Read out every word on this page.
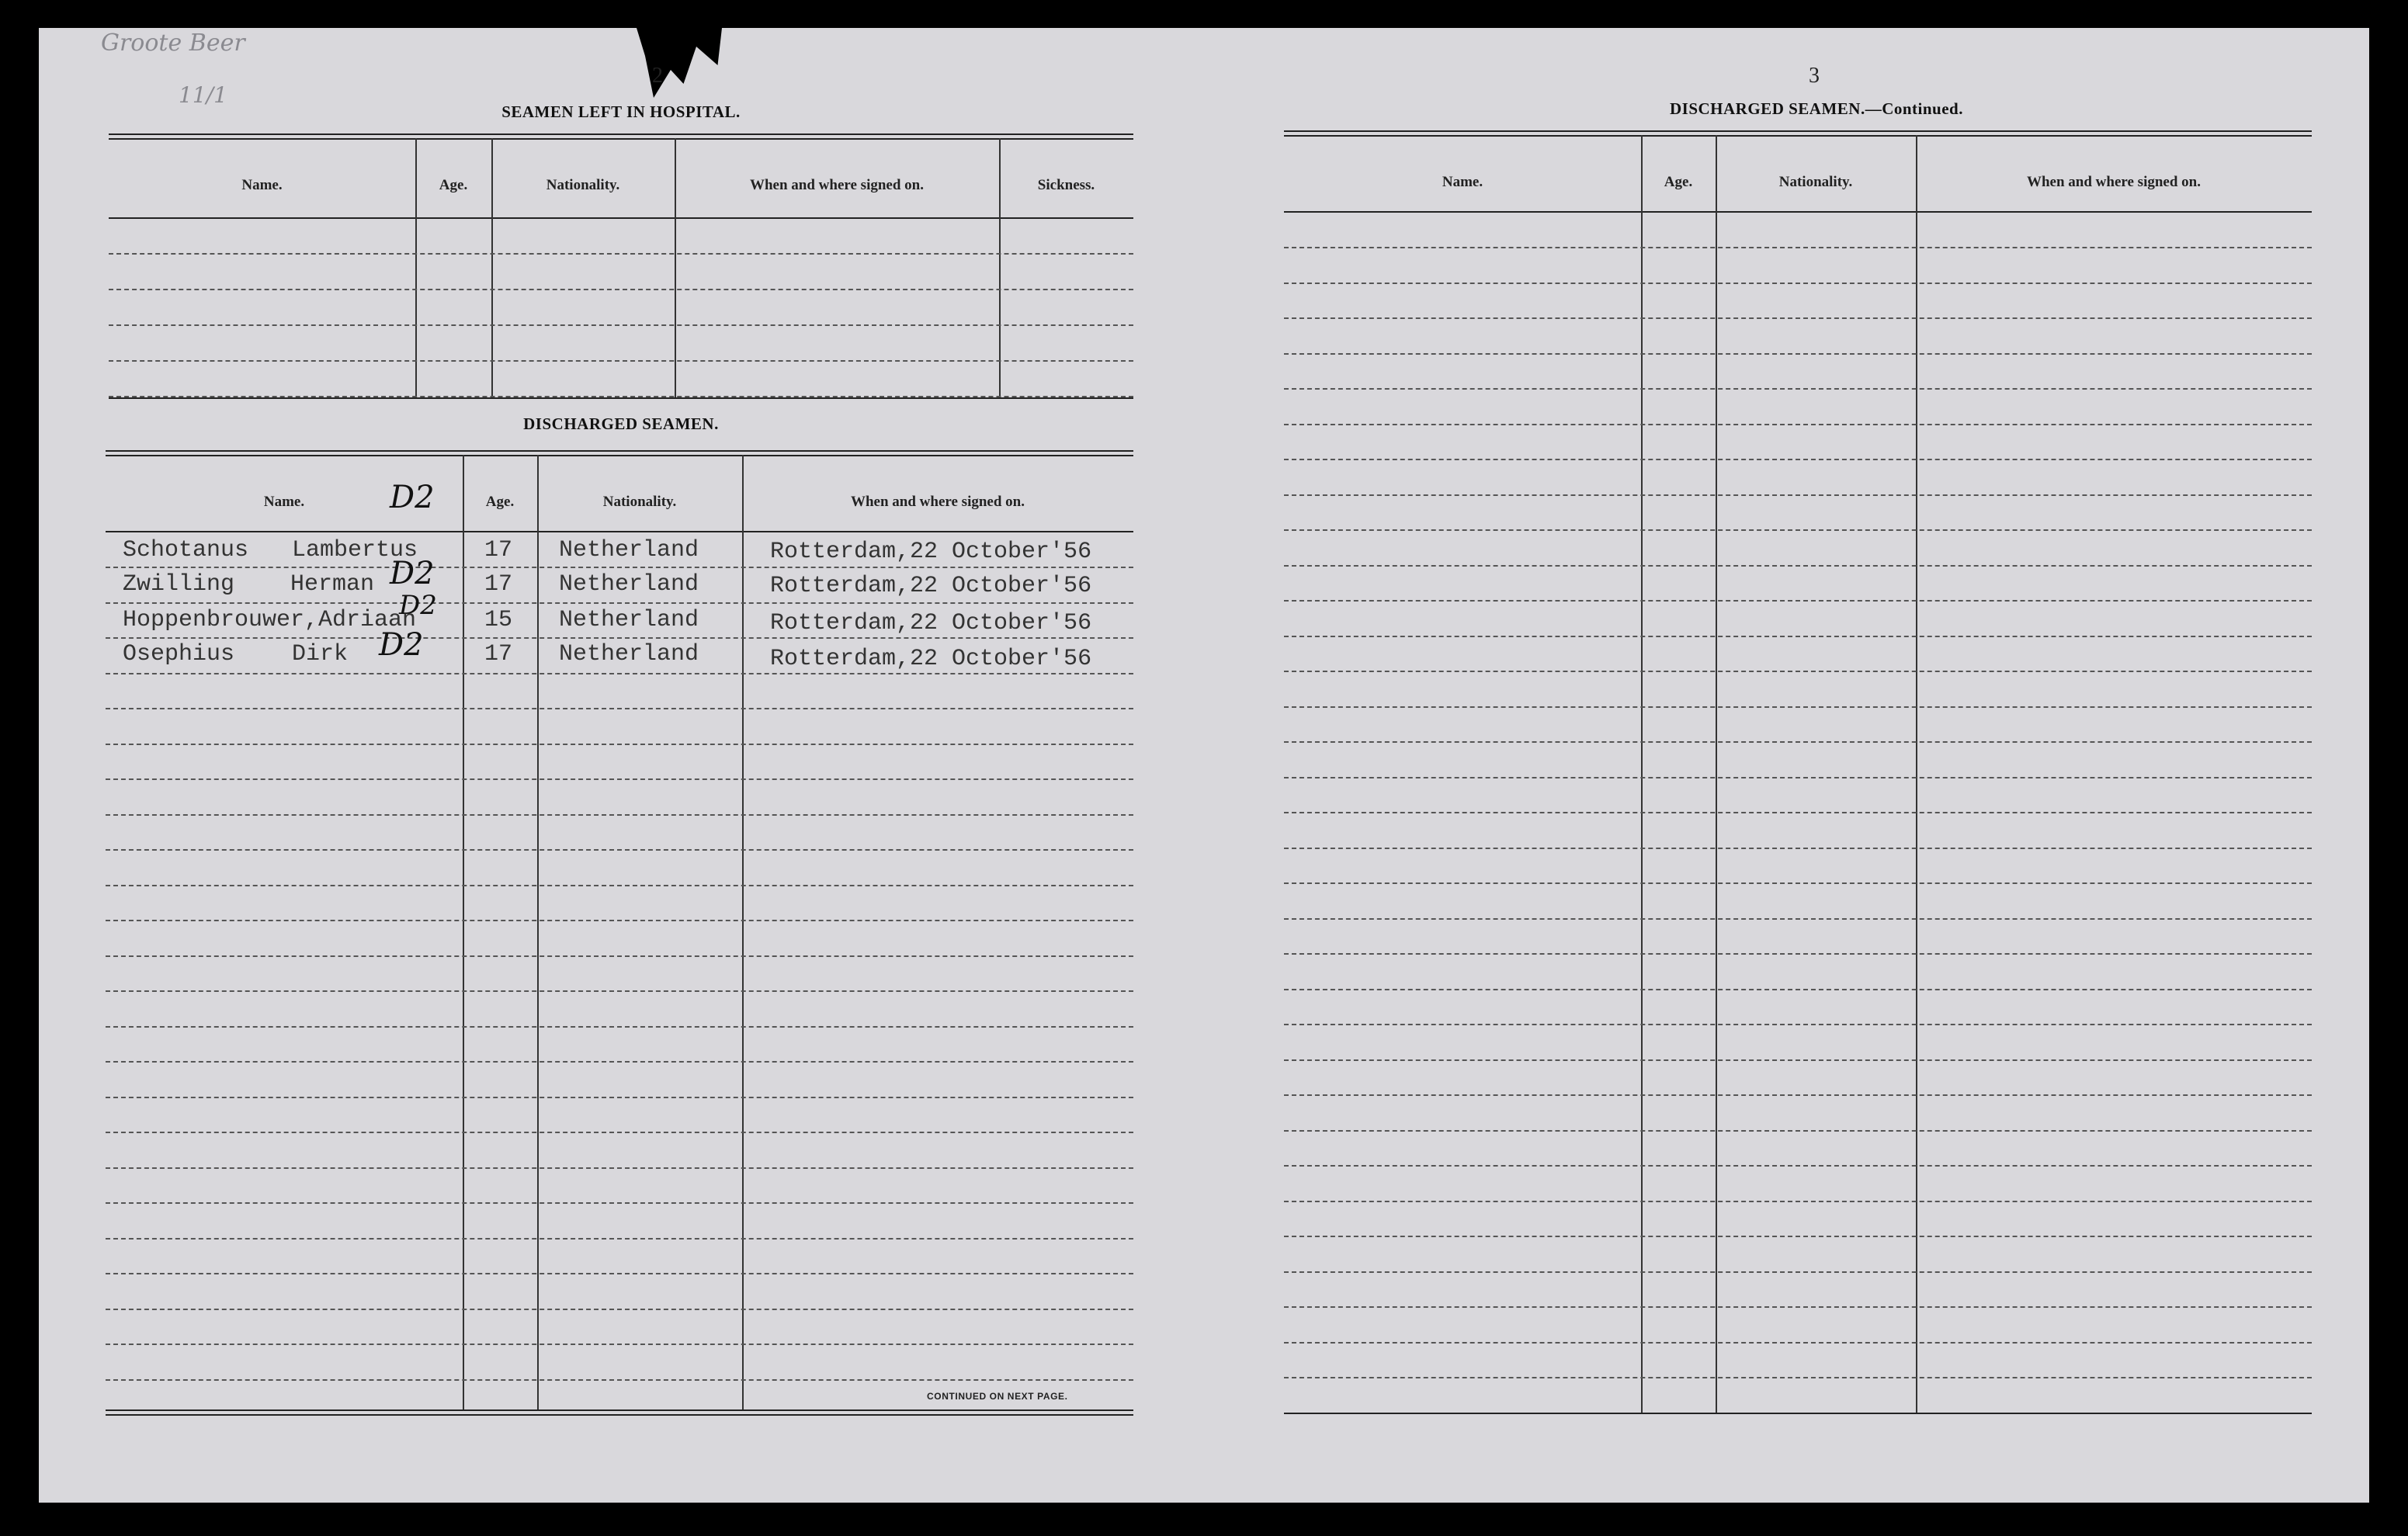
Groote Beer
11/1
2
SEAMEN LEFT IN HOSPITAL.
Name.	Age.	Nationality.	When and where signed on.	Sickness.
DISCHARGED SEAMEN.
Name.	D2	Age.	Nationality.	When and where signed on.
Schotanus Lambertus	17 Netherland	Rotterdam,22 October'56
Zwilling Herman D2 17 Netherland	Rotterdam,22 October'56
D2
Hoppenbrouwer, Adriaan	15 Netherland	Rotterdam,22 October'56
Osephius Dirk D2	17 Netherland	Rotterdam,22 October'56
CONTINUED ON NEXT PAGE.
3
DISCHARGED SEAMEN.—Continued.
Name.	Age.	Nationality.	When and where signed on.
